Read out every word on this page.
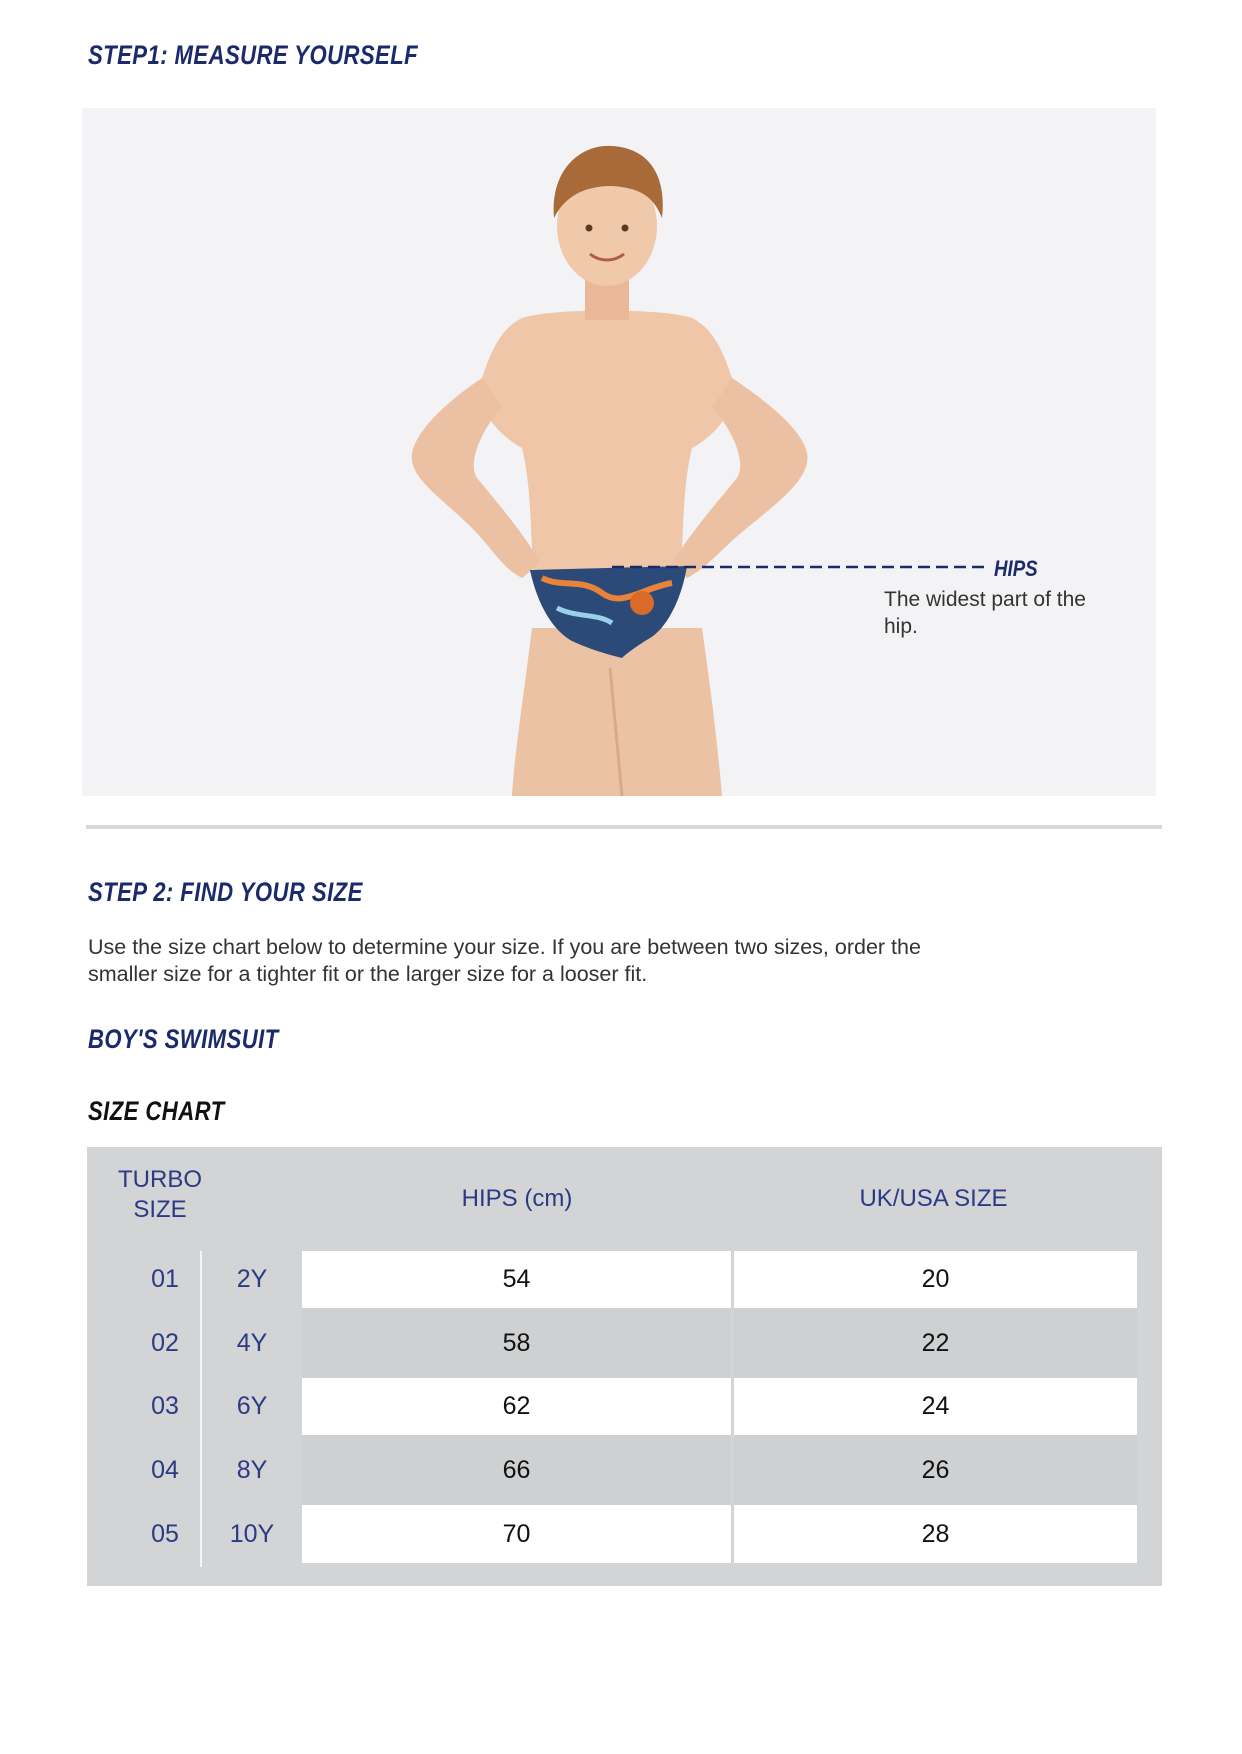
STEP1: MEASURE YOURSELF
HIPS

The widest part of the hip.

STEP 2: FIND YOUR SIZE

Use the size chart below to determine your size. If you are between two sizes, order the smaller size for a tighter fit or the larger size for a looser fit.

BOY'S SWIMSUIT
SIZE CHART
TURBO SIZE	HIPS (cm)	UK/USA SIZE
01	2Y	54	20
02	4Y	58	22
03	6Y	62	24
04	8Y	66	26
05	10Y	70	28
